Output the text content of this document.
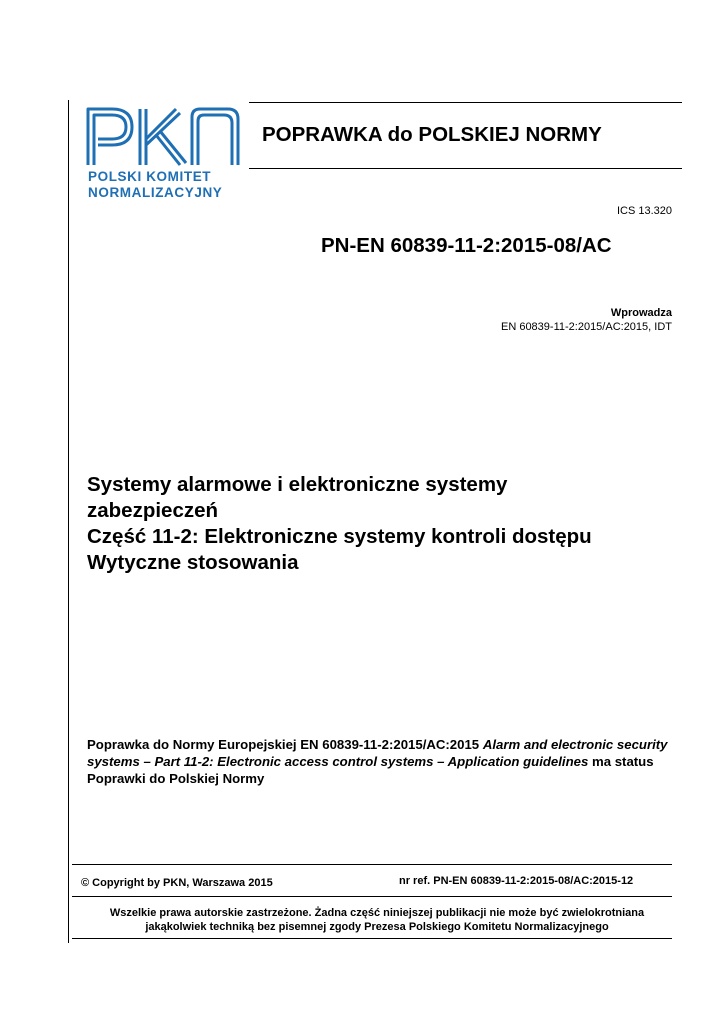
POLSKI KOMITET
NORMALIZACYJNY
POPRAWKA do POLSKIEJ NORMY
ICS 13.320
PN-EN 60839-11-2:2015-08/AC
Wprowadza
EN 60839-11-2:2015/AC:2015, IDT
Systemy alarmowe i elektroniczne systemy
zabezpieczeń
Część 11-2: Elektroniczne systemy kontroli dostępu
Wytyczne stosowania
Poprawka do Normy Europejskiej EN 60839-11-2:2015/AC:2015 Alarm and electronic security systems – Part 11-2: Electronic access control systems – Application guidelines ma status Poprawki do Polskiej Normy
© Copyright by PKN, Warszawa 2015	nr ref. PN-EN 60839-11-2:2015-08/AC:2015-12
Wszelkie prawa autorskie zastrzeżone. Żadna część niniejszej publikacji nie może być zwielokrotniana
jakąkolwiek techniką bez pisemnej zgody Prezesa Polskiego Komitetu Normalizacyjnego
